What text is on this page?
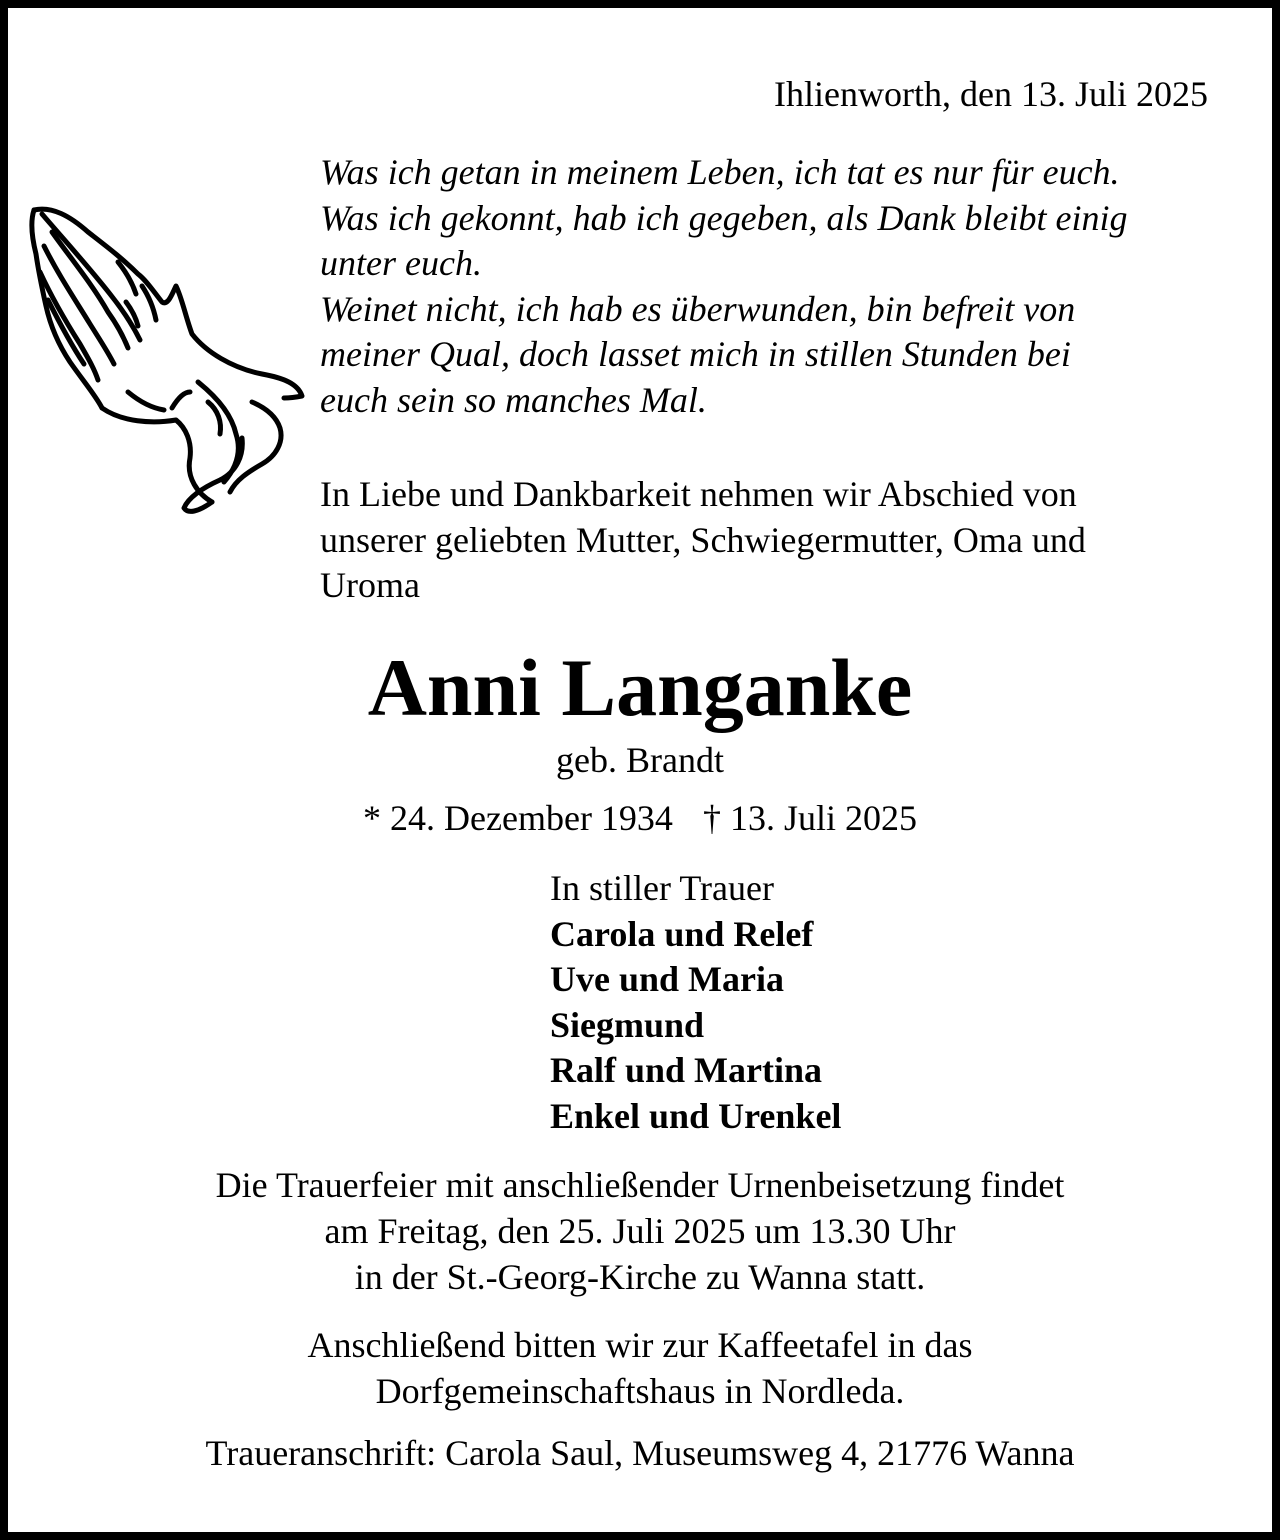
Ihlienworth, den 13. Juli 2025
Was ich getan in meinem Leben, ich tat es nur für euch.
Was ich gekonnt, hab ich gegeben, als Dank bleibt einig
unter euch.
Weinet nicht, ich hab es überwunden, bin befreit von
meiner Qual, doch lasset mich in stillen Stunden bei
euch sein so manches Mal.
In Liebe und Dankbarkeit nehmen wir Abschied von
unserer geliebten Mutter, Schwiegermutter, Oma und
Uroma
Anni Langanke
geb. Brandt
* 24. Dezember 1934 † 13. Juli 2025
In stiller Trauer
Carola und Relef
Uve und Maria
Siegmund
Ralf und Martina
Enkel und Urenkel
Die Trauerfeier mit anschließender Urnenbeisetzung findet
am Freitag, den 25. Juli 2025 um 13.30 Uhr
in der St.-Georg-Kirche zu Wanna statt.
Anschließend bitten wir zur Kaffeetafel in das
Dorfgemeinschaftshaus in Nordleda.
Traueranschrift: Carola Saul, Museumsweg 4, 21776 Wanna
